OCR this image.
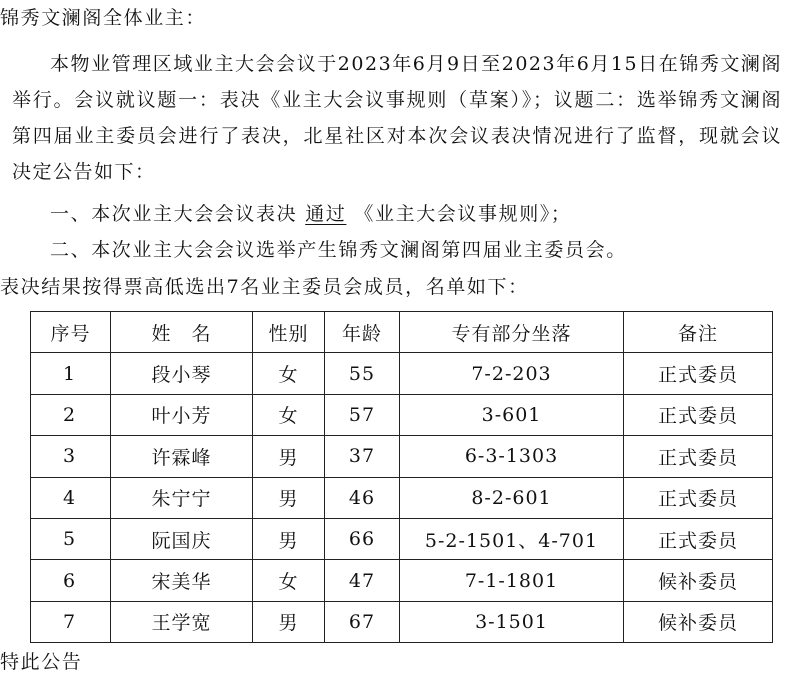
锦秀文澜阁全体业主：
本物业管理区域业主大会会议于2023年6月9日至2023年6月15日在锦秀文澜阁举行。会议就议题一：表决《业主大会议事规则（草案）》；议题二：选举锦秀文澜阁第四届业主委员会进行了表决，北星社区对本次会议表决情况进行了监督，现就会议决定公告如下：
一、本次业主大会会议表决 通过 《业主大会议事规则》；
二、本次业主大会会议选举产生锦秀文澜阁第四届业主委员会。
表决结果按得票高低选出7名业主委员会成员，名单如下：
序号	姓　名	性别	年龄	专有部分坐落	备注
1	段小琴	女	55	7-2-203	正式委员
2	叶小芳	女	57	3-601	正式委员
3	许霖峰	男	37	6-3-1303	正式委员
4	朱宁宁	男	46	8-2-601	正式委员
5	阮国庆	男	66	5-2-1501、4-701	正式委员
6	宋美华	女	47	7-1-1801	候补委员
7	王学宽	男	67	3-1501	候补委员
特此公告
